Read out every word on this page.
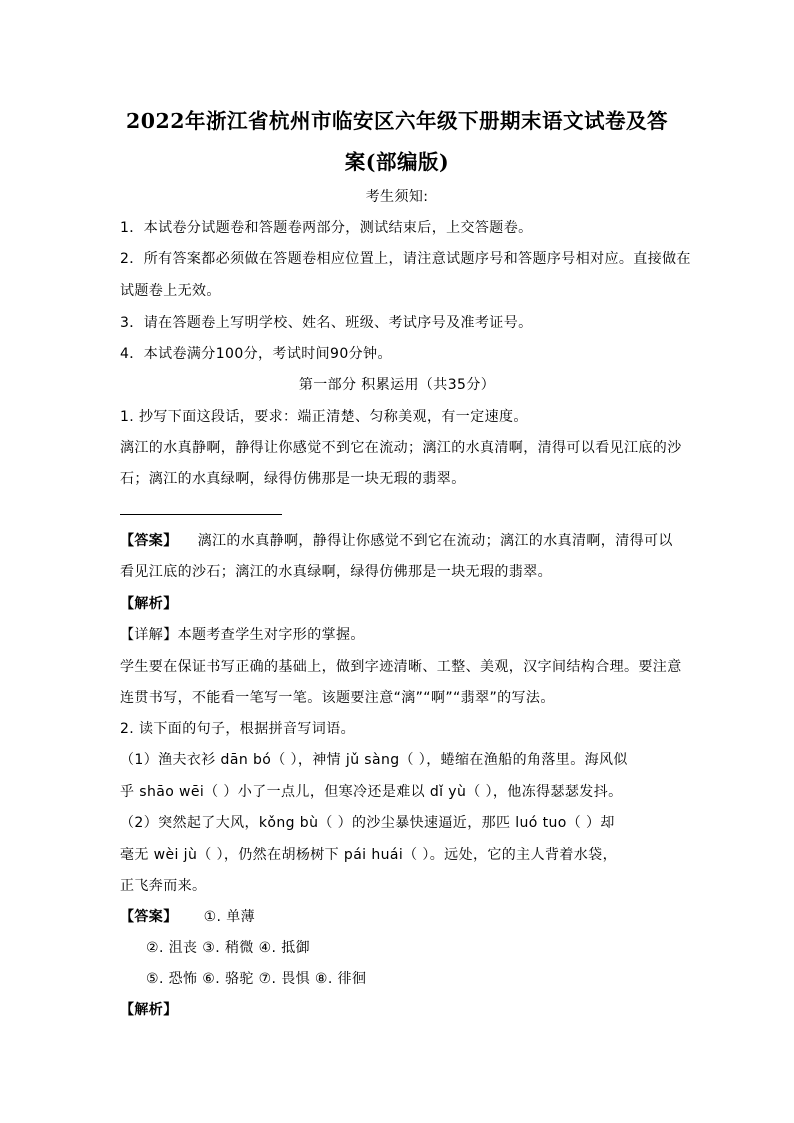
2022年浙江省杭州市临安区六年级下册期末语文试卷及答
案(部编版)
考生须知:
1．本试卷分试题卷和答题卷两部分，测试结束后，上交答题卷。
2．所有答案都必须做在答题卷相应位置上，请注意试题序号和答题序号相对应。直接做在
试题卷上无效。
3．请在答题卷上写明学校、姓名、班级、考试序号及准考证号。
4．本试卷满分100分，考试时间90分钟。
第一部分 积累运用（共35分）
1. 抄写下面这段话，要求：端正清楚、匀称美观，有一定速度。
漓江的水真静啊，静得让你感觉不到它在流动；漓江的水真清啊，清得可以看见江底的沙
石；漓江的水真绿啊，绿得仿佛那是一块无瑕的翡翠。
【答案】 漓江的水真静啊，静得让你感觉不到它在流动；漓江的水真清啊，清得可以
看见江底的沙石；漓江的水真绿啊，绿得仿佛那是一块无瑕的翡翠。
【解析】
【详解】本题考查学生对字形的掌握。
学生要在保证书写正确的基础上，做到字迹清晰、工整、美观，汉字间结构合理。要注意
连贯书写，不能看一笔写一笔。该题要注意“漓”“啊”“翡翠”的写法。
2. 读下面的句子，根据拼音写词语。
（1）渔夫衣衫 dān bó（ ），神情 jǔ sàng（ ），蜷缩在渔船的角落里。海风似
乎 shāo wēi（ ）小了一点儿，但寒冷还是难以 dǐ yù（ ），他冻得瑟瑟发抖。
（2）突然起了大风，kǒng bù（ ）的沙尘暴快速逼近，那匹 luó tuo（ ）却
毫无 wèi jù（ ），仍然在胡杨树下 pái huái（ ）。远处，它的主人背着水袋，
正飞奔而来。
【答案】 ①. 单薄
②. 沮丧 ③. 稍微 ④. 抵御
⑤. 恐怖 ⑥. 骆驼 ⑦. 畏惧 ⑧. 徘徊
【解析】
